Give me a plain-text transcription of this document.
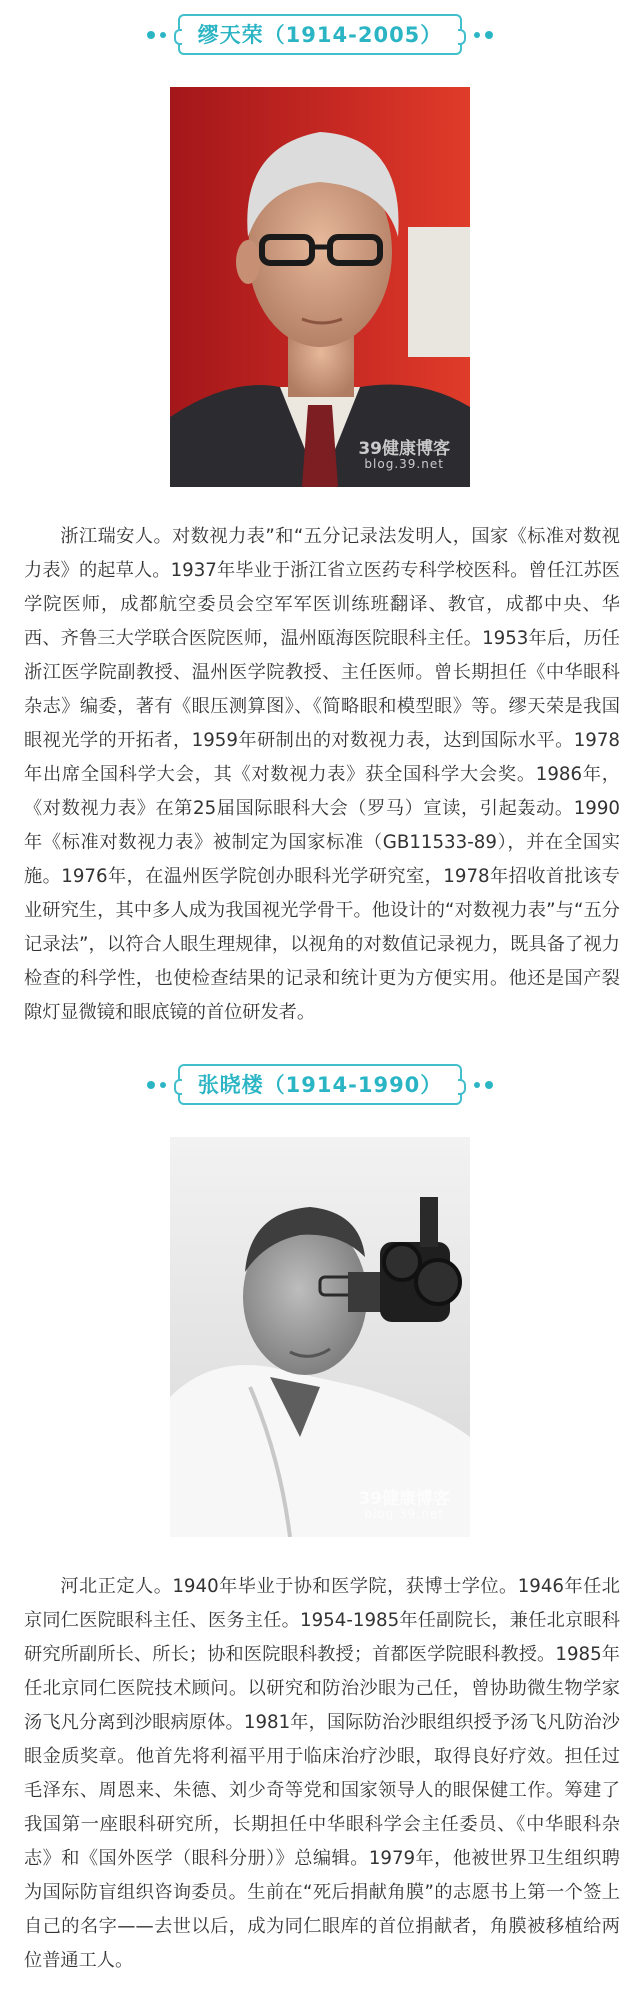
缪天荣（1914-2005）
39健康博客
blog.39.net

浙江瑞安人。对数视力表”和“五分记录法发明人，国家《标准对数视力表》的起草人。1937年毕业于浙江省立医药专科学校医科。曾任江苏医学院医师，成都航空委员会空军军医训练班翻译、教官，成都中央、华西、齐鲁三大学联合医院医师，温州瓯海医院眼科主任。1953年后，历任浙江医学院副教授、温州医学院教授、主任医师。曾长期担任《中华眼科杂志》编委，著有《眼压测算图》、《简略眼和模型眼》等。缪天荣是我国眼视光学的开拓者，1959年研制出的对数视力表，达到国际水平。1978年出席全国科学大会，其《对数视力表》获全国科学大会奖。1986年，《对数视力表》在第25届国际眼科大会（罗马）宣读，引起轰动。1990年《标准对数视力表》被制定为国家标准（GB11533-89），并在全国实施。1976年，在温州医学院创办眼科光学研究室，1978年招收首批该专业研究生，其中多人成为我国视光学骨干。他设计的“对数视力表”与“五分记录法”，以符合人眼生理规律，以视角的对数值记录视力，既具备了视力检查的科学性，也使检查结果的记录和统计更为方便实用。他还是国产裂隙灯显微镜和眼底镜的首位研发者。

张晓楼（1914-1990）
39健康博客
blog.39.net

河北正定人。1940年毕业于协和医学院，获博士学位。1946年任北京同仁医院眼科主任、医务主任。1954-1985年任副院长，兼任北京眼科研究所副所长、所长；协和医院眼科教授；首都医学院眼科教授。1985年任北京同仁医院技术顾问。以研究和防治沙眼为己任，曾协助微生物学家汤飞凡分离到沙眼病原体。1981年，国际防治沙眼组织授予汤飞凡防治沙眼金质奖章。他首先将利福平用于临床治疗沙眼，取得良好疗效。担任过毛泽东、周恩来、朱德、刘少奇等党和国家领导人的眼保健工作。筹建了我国第一座眼科研究所，长期担任中华眼科学会主任委员、《中华眼科杂志》和《国外医学（眼科分册）》总编辑。1979年，他被世界卫生组织聘为国际防盲组织咨询委员。生前在“死后捐献角膜”的志愿书上第一个签上自己的名字——去世以后，成为同仁眼库的首位捐献者，角膜被移植给两位普通工人。
